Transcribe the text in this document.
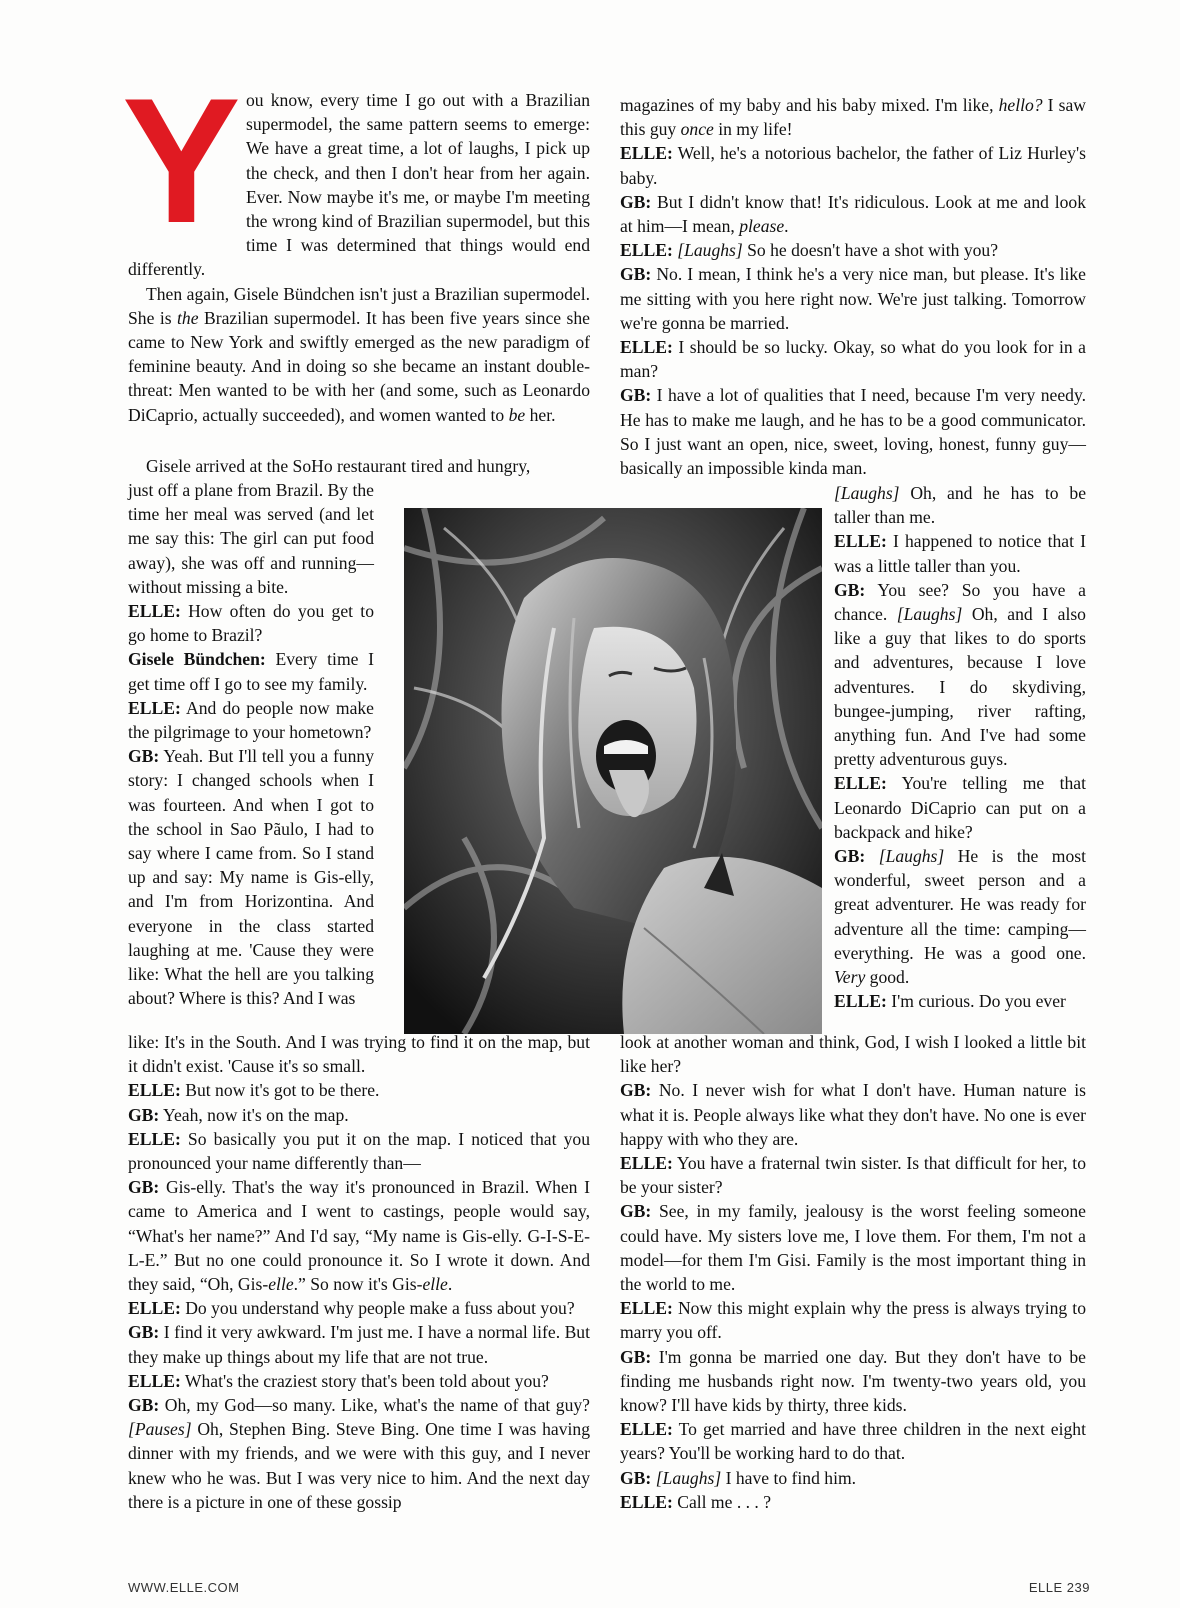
Y ou know, every time I go out with a Brazilian supermodel, the same pattern seems to emerge: We have a great time, a lot of laughs, I pick up the check, and then I don't hear from her again. Ever. Now maybe it's me, or maybe I'm meeting the wrong kind of Brazilian supermodel, but this time I was determined that things would end differently.

Then again, Gisele Bündchen isn't just a Brazilian supermodel. She is the Brazilian supermodel. It has been five years since she came to New York and swiftly emerged as the new paradigm of feminine beauty. And in doing so she became an instant double-threat: Men wanted to be with her (and some, such as Leonardo DiCaprio, actually succeeded), and women wanted to be her.

Gisele arrived at the SoHo restaurant tired and hungry,

just off a plane from Brazil. By the time her meal was served (and let me say this: The girl can put food away), she was off and running—without missing a bite.

ELLE: How often do you get to go home to Brazil?

Gisele Bündchen: Every time I get time off I go to see my family.

ELLE: And do people now make the pilgrimage to your hometown?

GB: Yeah. But I'll tell you a funny story: I changed schools when I was fourteen. And when I got to the school in Sao Pãulo, I had to say where I came from. So I stand up and say: My name is Gis-elly, and I'm from Horizontina. And everyone in the class started laughing at me. 'Cause they were like: What the hell are you talking about? Where is this? And I was

like: It's in the South. And I was trying to find it on the map, but it didn't exist. 'Cause it's so small.

ELLE: But now it's got to be there.

GB: Yeah, now it's on the map.

ELLE: So basically you put it on the map. I noticed that you pronounced your name differently than—

GB: Gis-elly. That's the way it's pronounced in Brazil. When I came to America and I went to castings, people would say, “What's her name?” And I'd say, “My name is Gis-elly. G-I-S-E-L-E.” But no one could pronounce it. So I wrote it down. And they said, “Oh, Gis-elle.” So now it's Gis-elle.

ELLE: Do you understand why people make a fuss about you?

GB: I find it very awkward. I'm just me. I have a normal life. But they make up things about my life that are not true.

ELLE: What's the craziest story that's been told about you?

GB: Oh, my God—so many. Like, what's the name of that guy? [Pauses] Oh, Stephen Bing. Steve Bing. One time I was having dinner with my friends, and we were with this guy, and I never knew who he was. But I was very nice to him. And the next day there is a picture in one of these gossip

magazines of my baby and his baby mixed. I'm like, hello? I saw this guy once in my life!

ELLE: Well, he's a notorious bachelor, the father of Liz Hurley's baby.

GB: But I didn't know that! It's ridiculous. Look at me and look at him—I mean, please.

ELLE: [Laughs] So he doesn't have a shot with you?

GB: No. I mean, I think he's a very nice man, but please. It's like me sitting with you here right now. We're just talking. Tomorrow we're gonna be married.

ELLE: I should be so lucky. Okay, so what do you look for in a man?

GB: I have a lot of qualities that I need, because I'm very needy. He has to make me laugh, and he has to be a good communicator. So I just want an open, nice, sweet, loving, honest, funny guy—basically an impossible kinda man.

[Laughs] Oh, and he has to be taller than me.

ELLE: I happened to notice that I was a little taller than you.

GB: You see? So you have a chance. [Laughs] Oh, and I also like a guy that likes to do sports and adventures, because I love adventures. I do skydiving, bungee-jumping, river rafting, anything fun. And I've had some pretty adventurous guys.

ELLE: You're telling me that Leonardo DiCaprio can put on a backpack and hike?

GB: [Laughs] He is the most wonderful, sweet person and a great adventurer. He was ready for adventure all the time: camping—everything. He was a good one. Very good.

ELLE: I'm curious. Do you ever

look at another woman and think, God, I wish I looked a little bit like her?

GB: No. I never wish for what I don't have. Human nature is what it is. People always like what they don't have. No one is ever happy with who they are.

ELLE: You have a fraternal twin sister. Is that difficult for her, to be your sister?

GB: See, in my family, jealousy is the worst feeling someone could have. My sisters love me, I love them. For them, I'm not a model—for them I'm Gisi. Family is the most important thing in the world to me.

ELLE: Now this might explain why the press is always trying to marry you off.

GB: I'm gonna be married one day. But they don't have to be finding me husbands right now. I'm twenty-two years old, you know? I'll have kids by thirty, three kids.

ELLE: To get married and have three children in the next eight years? You'll be working hard to do that.

GB: [Laughs] I have to find him.

ELLE: Call me . . . ?

WWW.ELLE.COM	ELLE 239
